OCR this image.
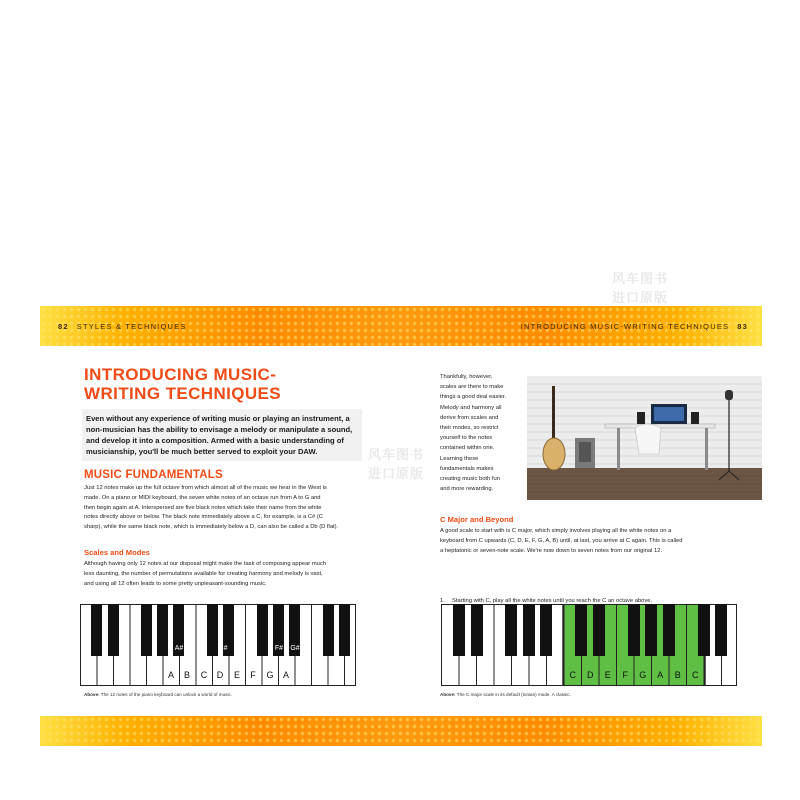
82 STYLES & TECHNIQUES	INTRODUCING MUSIC-WRITING TECHNIQUES 83
INTRODUCING MUSIC-
WRITING TECHNIQUES
Even without any experience of writing music or playing an instrument, a non-musician has the ability to envisage a melody or manipulate a sound, and develop it into a composition. Armed with a basic understanding of musicianship, you'll be much better served to exploit your DAW.
MUSIC FUNDAMENTALS
Just 12 notes make up the full octave from which almost all of the music we hear in the West is
made. On a piano or MIDI keyboard, the seven white notes of an octave run from A to G and
then begin again at A. Interspersed are five black notes which take their name from the white
notes directly above or below. The black note immediately above a C, for example, is a C# (C
sharp), while the same black note, which is immediately below a D, can also be called a Db (D flat).
Scales and Modes
Although having only 12 notes at our disposal might make the task of composing appear much
less daunting, the number of permutations available for creating harmony and melody is vast,
and using all 12 often leads to some pretty unpleasant-sounding music.
A#	C# D#	F# G#
A B C D E F G A
Above: The 12 notes of the piano keyboard can unlock a world of music.
Thankfully, however,
scales are there to make
things a good deal easier.
Melody and harmony all
derive from scales and
their modes, so restrict
yourself to the notes
contained within one.
Learning these
fundamentals makes
creating music both fun
and more rewarding.
C Major and Beyond
A good scale to start with is C major, which simply involves playing all the white notes on a
keyboard from C upwards (C, D, E, F, G, A, B) until, at last, you arrive at C again. This is called
a heptatonic or seven-note scale. We're now down to seven notes from our original 12.
1. Starting with C, play all the white notes until you reach the C an octave above.
C D E F G A B C
Above: The C major scale in its default (Ionian) mode. A classic.
风车图书
进口原版
风车图书
进口原版
